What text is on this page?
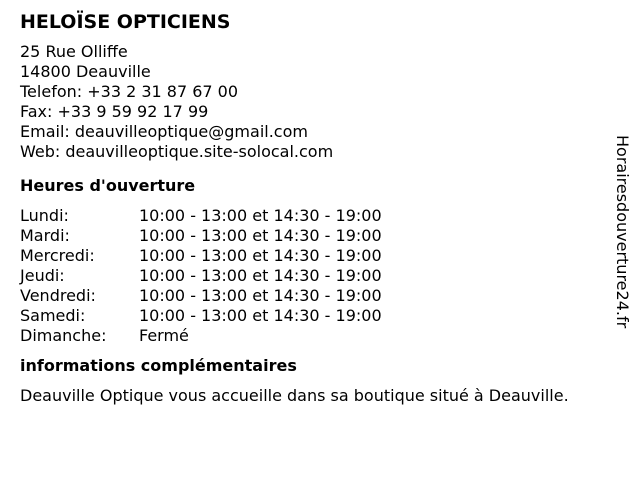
HELOÏSE OPTICIENS
25 Rue Olliffe
14800 Deauville
Telefon: +33 2 31 87 67 00
Fax: +33 9 59 92 17 99
Email: deauvilleoptique@gmail.com
Web: deauvilleoptique.site-solocal.com
Heures d'ouverture
Lundi:	10:00 - 13:00 et 14:30 - 19:00
Mardi:	10:00 - 13:00 et 14:30 - 19:00
Mercredi:	10:00 - 13:00 et 14:30 - 19:00
Jeudi:	10:00 - 13:00 et 14:30 - 19:00
Vendredi:	10:00 - 13:00 et 14:30 - 19:00
Samedi:	10:00 - 13:00 et 14:30 - 19:00
Dimanche: Fermé
informations complémentaires
Deauville Optique vous accueille dans sa boutique situé à Deauville.
Horairesdouverture24.fr
